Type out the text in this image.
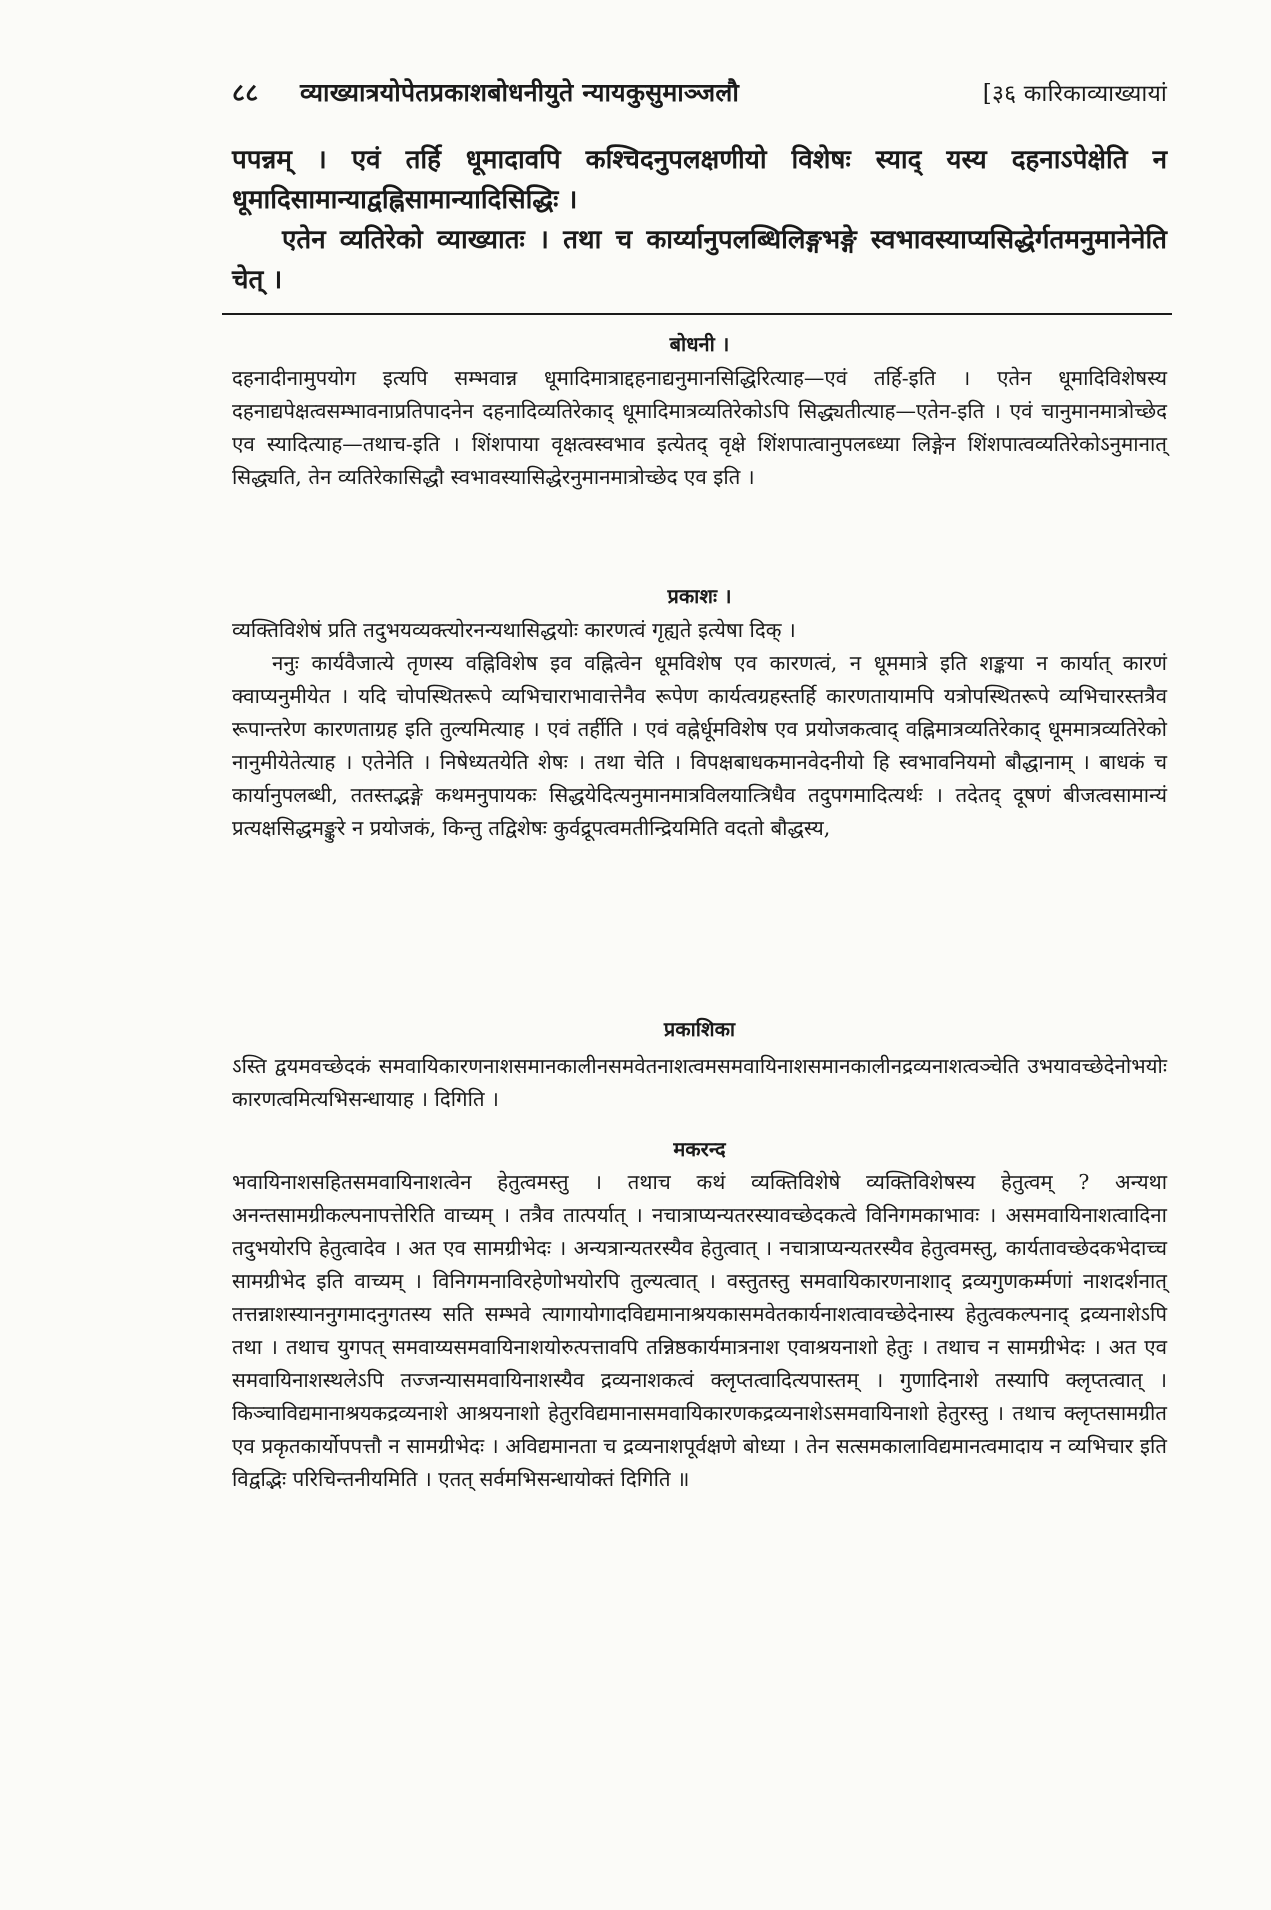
८८	व्याख्यात्रयोपेतप्रकाशबोधनीयुते न्यायकुसुमाञ्जलौ	[३६ कारिकाव्याख्यायां

पपन्नम् । एवं तर्हि धूमादावपि कश्चिदनुपलक्षणीयो विशेषः स्याद् यस्य दहनाऽपेक्षेति न धूमादिसामान्याद्वह्निसामान्यादिसिद्धिः ।

एतेन व्यतिरेको व्याख्यातः । तथा च कार्य्यानुपलब्धिलिङ्गभङ्गे स्वभावस्याप्यसिद्धेर्गतमनुमानेनेति चेत् ।

बोधनी ।

दहनादीनामुपयोग इत्यपि सम्भवान्न धूमादिमात्राद्दहनाद्यनुमानसिद्धिरित्याह—एवं तर्हि-इति । एतेन धूमादिविशेषस्य दहनाद्यपेक्षत्वसम्भावनाप्रतिपादनेन दहनादिव्यतिरेकाद् धूमादिमात्रव्यतिरेकोऽपि सिद्ध्यतीत्याह—एतेन-इति । एवं चानुमानमात्रोच्छेद एव स्यादित्याह—तथाच-इति । शिंशपाया वृक्षत्वस्वभाव इत्येतद् वृक्षे शिंशपात्वानुपलब्ध्या लिङ्गेन शिंशपात्वव्यतिरेकोऽनुमानात् सिद्ध्यति, तेन व्यतिरेकासिद्धौ स्वभावस्यासिद्धेरनुमानमात्रोच्छेद एव इति ।

प्रकाशः ।

व्यक्तिविशेषं प्रति तदुभयव्यक्त्योरनन्यथासिद्धयोः कारणत्वं गृह्यते इत्येषा दिक् ।

ननुः कार्यवैजात्ये तृणस्य वह्निविशेष इव वह्नित्वेन धूमविशेष एव कारणत्वं, न धूममात्रे इति शङ्कया न कार्यात् कारणं क्वाप्यनुमीयेत । यदि चोपस्थितरूपे व्यभिचाराभावात्तेनैव रूपेण कार्यत्वग्रहस्तर्हि कारणतायामपि यत्रोपस्थितरूपे व्यभिचारस्तत्रैव रूपान्तरेण कारणताग्रह इति तुल्यमित्याह । एवं तर्हीति । एवं वह्नेर्धूमविशेष एव प्रयोजकत्वाद् वह्निमात्रव्यतिरेकाद् धूममात्रव्यतिरेको नानुमीयेतेत्याह । एतेनेति । निषेध्यतयेति शेषः । तथा चेति । विपक्षबाधकमानवेदनीयो हि स्वभावनियमो बौद्धानाम् । बाधकं च कार्यानुपलब्धी, ततस्तद्भङ्गे कथमनुपायकः सिद्धयेदित्यनुमानमात्रविलयात्त्रिधैव तदुपगमादित्यर्थः । तदेतद् दूषणं बीजत्वसामान्यं प्रत्यक्षसिद्धमङ्कुरे न प्रयोजकं, किन्तु तद्विशेषः कुर्वद्रूपत्वमतीन्द्रियमिति वदतो बौद्धस्य,

प्रकाशिका

ऽस्ति द्वयमवच्छेदकं समवायिकारणनाशसमानकालीनसमवेतनाशत्वमसमवायिनाशसमानकालीनद्रव्यनाशत्वञ्चेति उभयावच्छेदेनोभयोः कारणत्वमित्यभिसन्धायाह । दिगिति ।

मकरन्द

भवायिनाशसहितसमवायिनाशत्वेन हेतुत्वमस्तु । तथाच कथं व्यक्तिविशेषे व्यक्तिविशेषस्य हेतुत्वम् ? अन्यथा अनन्तसामग्रीकल्पनापत्तेरिति वाच्यम् । तत्रैव तात्पर्यात् । नचात्राप्यन्यतरस्यावच्छेदकत्वे विनिगमकाभावः । असमवायिनाशत्वादिना तदुभयोरपि हेतुत्वादेव । अत एव सामग्रीभेदः । अन्यत्रान्यतरस्यैव हेतुत्वात् । नचात्राप्यन्यतरस्यैव हेतुत्वमस्तु, कार्यतावच्छेदकभेदाच्च सामग्रीभेद इति वाच्यम् । विनिगमनाविरहेणोभयोरपि तुल्यत्वात् । वस्तुतस्तु समवायिकारणनाशाद् द्रव्यगुणकर्म्मणां नाशदर्शनात् तत्तन्नाशस्याननुगमादनुगतस्य सति सम्भवे त्यागायोगादविद्यमानाश्रयकासमवेतकार्यनाशत्वावच्छेदेनास्य हेतुत्वकल्पनाद् द्रव्यनाशेऽपि तथा । तथाच युगपत् समवाय्यसमवायिनाशयोरुत्पत्तावपि तन्निष्ठकार्यमात्रनाश एवाश्रयनाशो हेतुः । तथाच न सामग्रीभेदः । अत एव समवायिनाशस्थलेऽपि तज्जन्यासमवायिनाशस्यैव द्रव्यनाशकत्वं क्लृप्तत्वादित्यपास्तम् । गुणादिनाशे तस्यापि क्लृप्तत्वात् । किञ्चाविद्यमानाश्रयकद्रव्यनाशे आश्रयनाशो हेतुरविद्यमानासमवायिकारणकद्रव्यनाशेऽसमवायिनाशो हेतुरस्तु । तथाच क्लृप्तसामग्रीत एव प्रकृतकार्योपपत्तौ न सामग्रीभेदः । अविद्यमानता च द्रव्यनाशपूर्वक्षणे बोध्या । तेन सत्समकालाविद्यमानत्वमादाय न व्यभिचार इति विद्वद्भिः परिचिन्तनीयमिति । एतत् सर्वमभिसन्धायोक्तं दिगिति ॥
